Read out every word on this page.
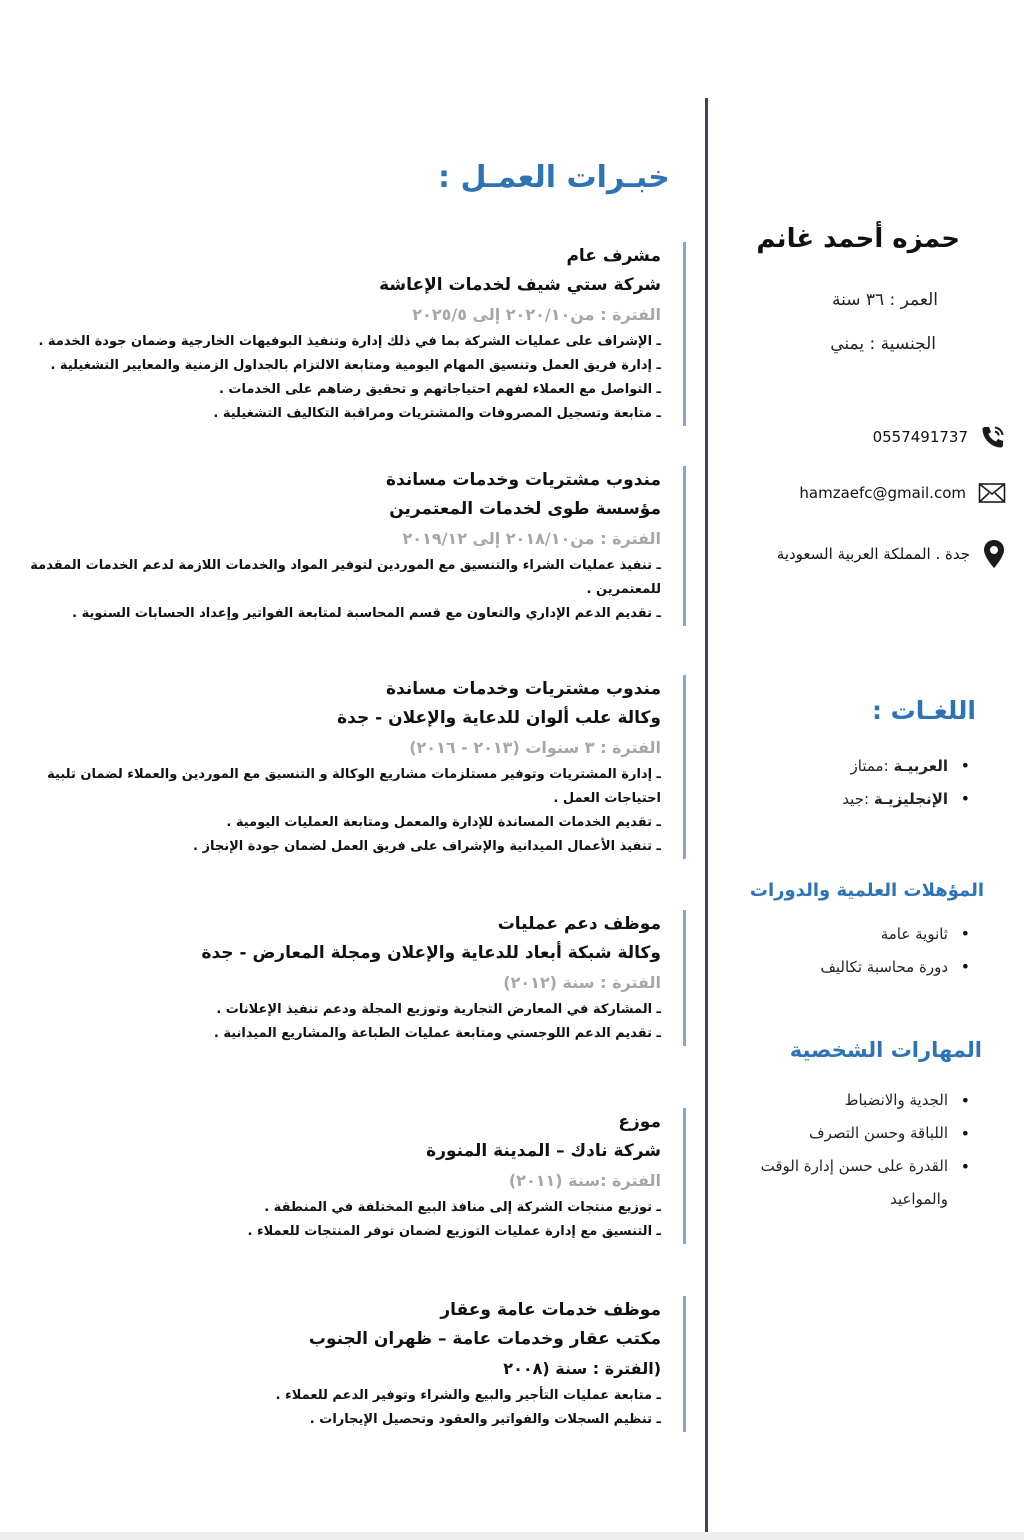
حمزه أحمد غانم
العمر : ٣٦ سنة
الجنسية : يمني
0557491737
hamzaefc@gmail.com
جدة . المملكة العربية السعودية
اللغـات :
• العربيـة :ممتاز
• الإنجليزيـة :جيد
المؤهلات العلمية والدورات
• ثانوية عامة
• دورة محاسبة تكاليف
المهارات الشخصية
• الجدية والانضباط
• اللباقة وحسن التصرف
• القدرة على حسن إدارة الوقت والمواعيد
خبـرات العمـل :
مشرف عام
شركة ستي شيف لخدمات الإعاشة
الفترة : من٢٠٢٠/١٠ إلى ٢٠٢٥/٥
ـ الإشراف على عمليات الشركة بما في ذلك إدارة وتنفيذ البوفيهات الخارجية وضمان جودة الخدمة .
ـ إدارة فريق العمل وتنسيق المهام اليومية ومتابعة الالتزام بالجداول الزمنية والمعايير التشغيلية .
ـ التواصل مع العملاء لفهم احتياجاتهم و تحقيق رضاهم على الخدمات .
ـ متابعة وتسجيل المصروفات والمشتريات ومراقبة التكاليف التشغيلية .
مندوب مشتريات وخدمات مساندة
مؤسسة طوى لخدمات المعتمرين
الفترة : من٢٠١٨/١٠ إلى ٢٠١٩/١٢
ـ تنفيذ عمليات الشراء والتنسيق مع الموردين لتوفير المواد والخدمات اللازمة لدعم الخدمات المقدمة للمعتمرين .
ـ تقديم الدعم الإداري والتعاون مع قسم المحاسبة لمتابعة الفواتير وإعداد الحسابات السنوية .
مندوب مشتريات وخدمات مساندة
وكالة علب ألوان للدعاية والإعلان - جدة
الفترة : ٣ سنوات (٢٠١٣ - ٢٠١٦)
ـ إدارة المشتريات وتوفير مستلزمات مشاريع الوكالة و التنسيق مع الموردين والعملاء لضمان تلبية احتياجات العمل .
ـ تقديم الخدمات المساندة للإدارة والمعمل ومتابعة العمليات اليومية .
ـ تنفيذ الأعمال الميدانية والإشراف على فريق العمل لضمان جودة الإنجاز .
موظف دعم عمليات
وكالة شبكة أبعاد للدعاية والإعلان ومجلة المعارض - جدة
الفترة : سنة (٢٠١٢)
ـ المشاركة في المعارض التجارية وتوزيع المجلة ودعم تنفيذ الإعلانات .
ـ تقديم الدعم اللوجستي ومتابعة عمليات الطباعة والمشاريع الميدانية .
موزع
شركة نادك – المدينة المنورة
الفترة :سنة (٢٠١١)
ـ توزيع منتجات الشركة إلى منافذ البيع المختلفة في المنطقة .
ـ التنسيق مع إدارة عمليات التوزيع لضمان توفر المنتجات للعملاء .
موظف خدمات عامة وعقار
مكتب عقار وخدمات عامة – ظهران الجنوب
(الفترة : سنة (٢٠٠٨
ـ متابعة عمليات التأجير والبيع والشراء وتوفير الدعم للعملاء .
ـ تنظيم السجلات والفواتير والعقود وتحصيل الإيجارات .
